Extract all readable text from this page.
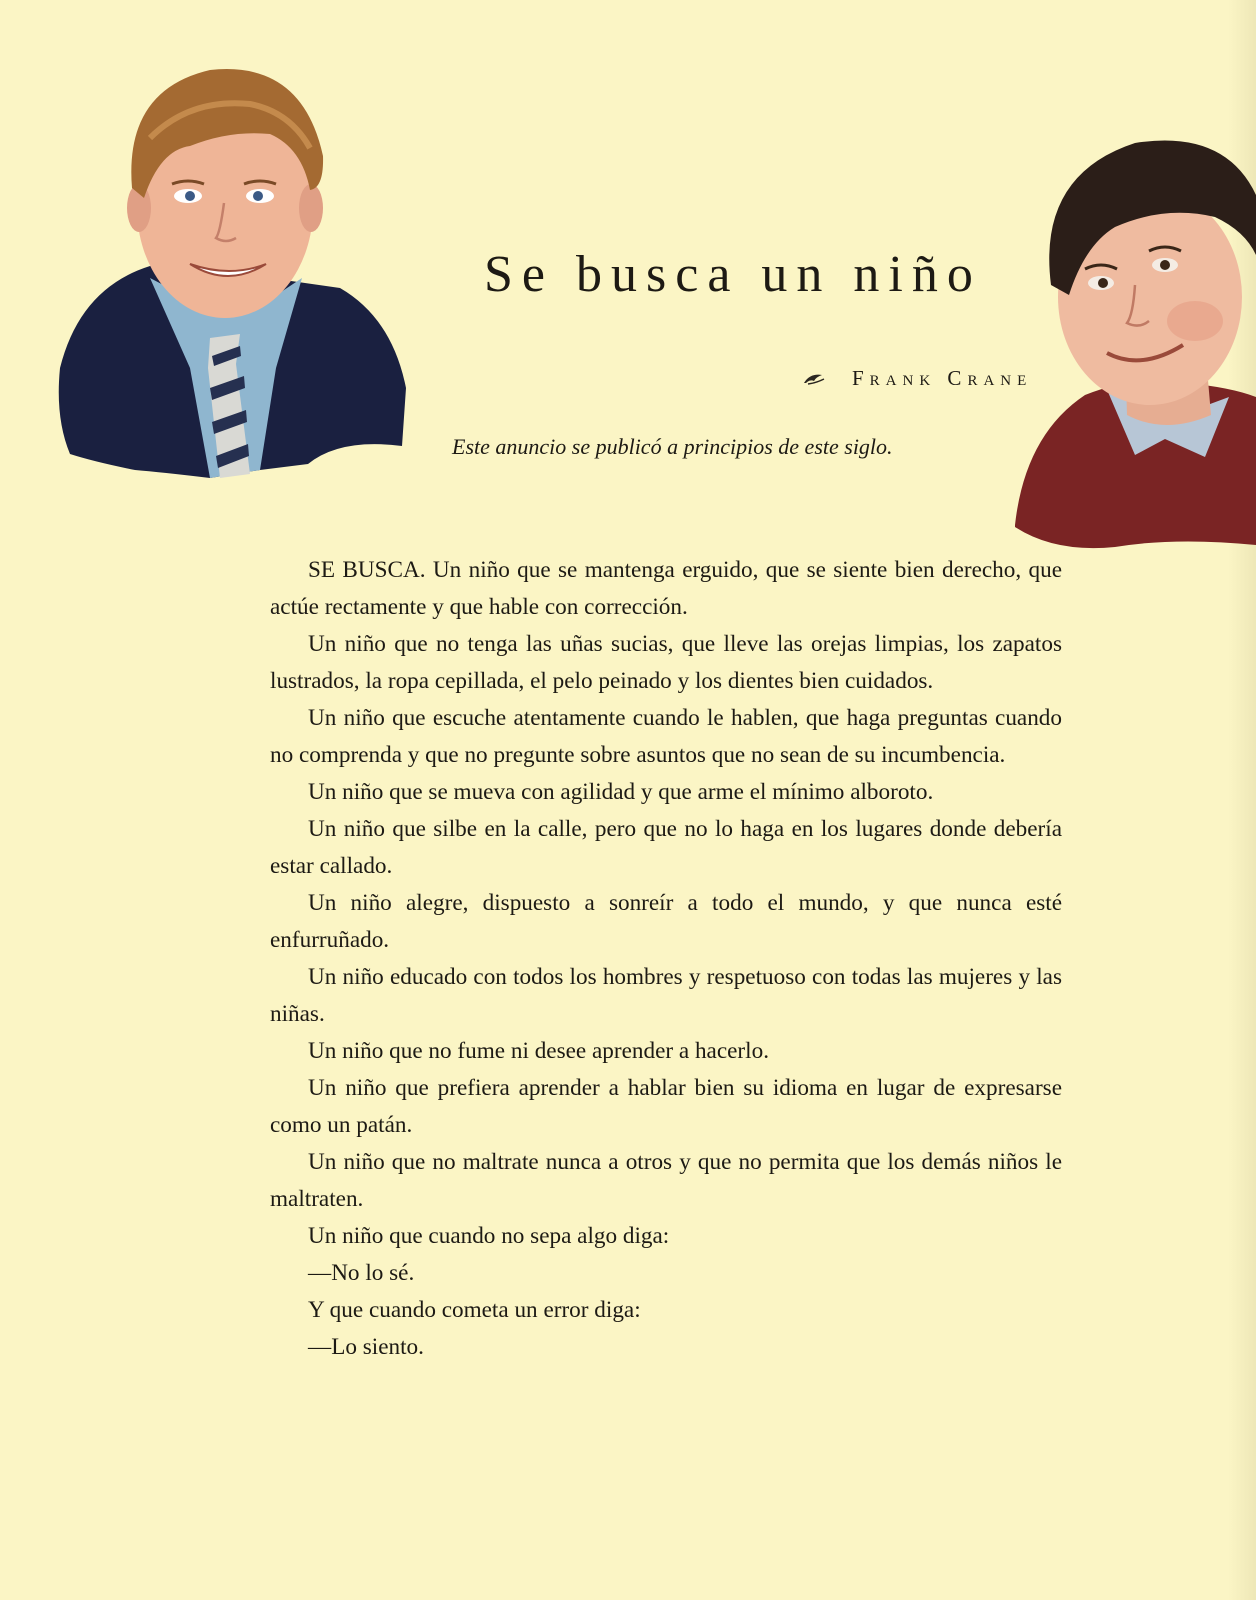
Se busca un niño
Frank Crane

Este anuncio se publicó a principios de este siglo.

SE BUSCA. Un niño que se mantenga erguido, que se siente bien derecho, que actúe rectamente y que hable con corrección.

Un niño que no tenga las uñas sucias, que lleve las orejas limpias, los zapatos lustrados, la ropa cepillada, el pelo peinado y los dientes bien cuidados.

Un niño que escuche atentamente cuando le hablen, que haga preguntas cuando no comprenda y que no pregunte sobre asuntos que no sean de su incumbencia.

Un niño que se mueva con agilidad y que arme el mínimo alboroto.

Un niño que silbe en la calle, pero que no lo haga en los lugares donde debería estar callado.

Un niño alegre, dispuesto a sonreír a todo el mundo, y que nunca esté enfurruñado.

Un niño educado con todos los hombres y respetuoso con todas las mujeres y las niñas.

Un niño que no fume ni desee aprender a hacerlo.

Un niño que prefiera aprender a hablar bien su idioma en lugar de expresarse como un patán.

Un niño que no maltrate nunca a otros y que no permita que los demás niños le maltraten.

Un niño que cuando no sepa algo diga:

—No lo sé.

Y que cuando cometa un error diga:

—Lo siento.
